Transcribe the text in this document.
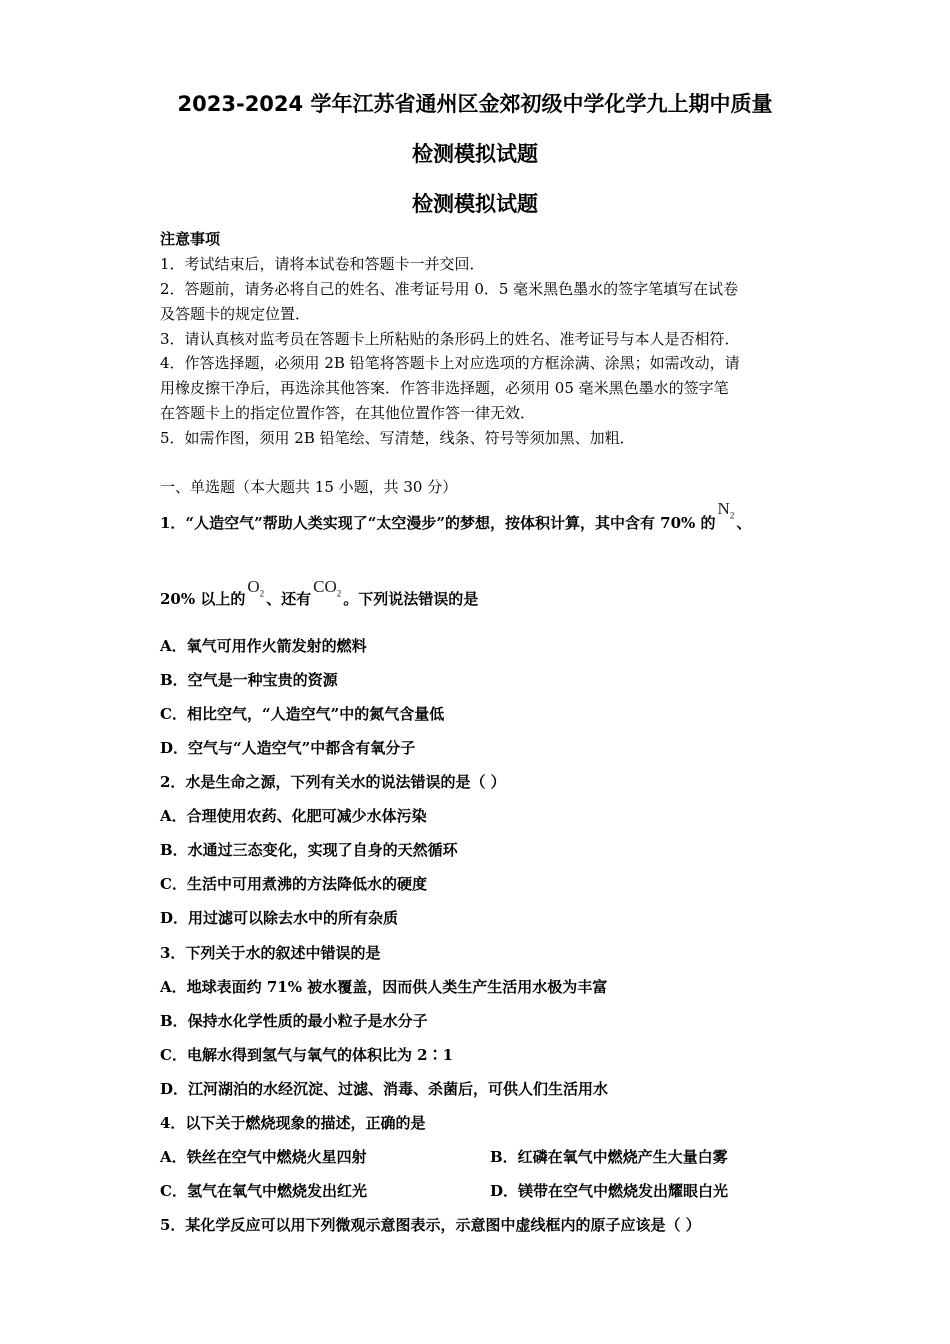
2023-2024 学年江苏省通州区金郊初级中学化学九上期中质量
检测模拟试题
检测模拟试题
注意事项
1．考试结束后，请将本试卷和答题卡一并交回．
2．答题前，请务必将自己的姓名、准考证号用 0．5 毫米黑色墨水的签字笔填写在试卷
及答题卡的规定位置．
3．请认真核对监考员在答题卡上所粘贴的条形码上的姓名、准考证号与本人是否相符．
4．作答选择题，必须用 2B 铅笔将答题卡上对应选项的方框涂满、涂黑；如需改动，请
用橡皮擦干净后，再选涂其他答案．作答非选择题，必须用 05 毫米黑色墨水的签字笔
在答题卡上的指定位置作答，在其他位置作答一律无效．
5．如需作图，须用 2B 铅笔绘、写清楚，线条、符号等须加黑、加粗．
一、单选题（本大题共 15 小题，共 30 分）
1．“人造空气”帮助人类实现了“太空漫步”的梦想，按体积计算，其中含有 70% 的$N_2$ 、
20% 以上的$O_2$ 、还有$CO_2$ 。下列说法错误的是
A．氧气可用作火箭发射的燃料
B．空气是一种宝贵的资源
C．相比空气，“人造空气”中的氮气含量低
D．空气与“人造空气”中都含有氧分子
2．水是生命之源，下列有关水的说法错误的是（ ）
A．合理使用农药、化肥可减少水体污染
B．水通过三态变化，实现了自身的天然循环
C．生活中可用煮沸的方法降低水的硬度
D．用过滤可以除去水中的所有杂质
3．下列关于水的叙述中错误的是
A．地球表面约 71% 被水覆盖，因而供人类生产生活用水极为丰富
B．保持水化学性质的最小粒子是水分子
C．电解水得到氢气与氧气的体积比为 2∶1
D．江河湖泊的水经沉淀、过滤、消毒、杀菌后，可供人们生活用水
4．以下关于燃烧现象的描述，正确的是
A．铁丝在空气中燃烧火星四射	B．红磷在氧气中燃烧产生大量白雾
C．氢气在氧气中燃烧发出红光	D．镁带在空气中燃烧发出耀眼白光
5．某化学反应可以用下列微观示意图表示，示意图中虚线框内的原子应该是（ ）
